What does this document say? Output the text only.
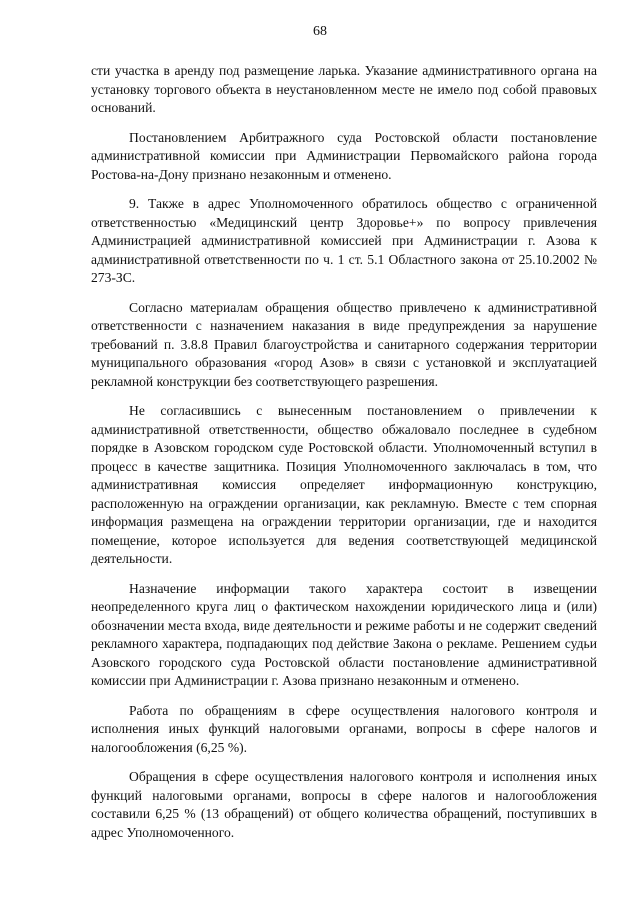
68

сти участка в аренду под размещение ларька. Указание административного органа на установку торгового объекта в неустановленном месте не имело под собой правовых оснований.

Постановлением Арбитражного суда Ростовской области постановление административной комиссии при Администрации Первомайского района города Ростова-на-Дону признано незаконным и отменено.

9. Также в адрес Уполномоченного обратилось общество с ограниченной ответственностью «Медицинский центр Здоровье+» по вопросу привлечения Администрацией административной комиссией при Администрации г. Азова к административной ответственности по ч. 1 ст. 5.1 Областного закона от 25.10.2002 № 273-ЗС.

Согласно материалам обращения общество привлечено к административной ответственности с назначением наказания в виде предупреждения за нарушение требований п. 3.8.8 Правил благоустройства и санитарного содержания территории муниципального образования «город Азов» в связи с установкой и эксплуатацией рекламной конструкции без соответствующего разрешения.

Не согласившись с вынесенным постановлением о привлечении к административной ответственности, общество обжаловало последнее в судебном порядке в Азовском городском суде Ростовской области. Уполномоченный вступил в процесс в качестве защитника. Позиция Уполномоченного заключалась в том, что административная комиссия определяет информационную конструкцию, расположенную на ограждении организации, как рекламную. Вместе с тем спорная информация размещена на ограждении территории организации, где и находится помещение, которое используется для ведения соответствующей медицинской деятельности.

Назначение информации такого характера состоит в извещении неопределенного круга лиц о фактическом нахождении юридического лица и (или) обозначении места входа, виде деятельности и режиме работы и не содержит сведений рекламного характера, подпадающих под действие Закона о рекламе. Решением судьи Азовского городского суда Ростовской области постановление административной комиссии при Администрации г. Азова признано незаконным и отменено.

Работа по обращениям в сфере осуществления налогового контроля и исполнения иных функций налоговыми органами, вопросы в сфере налогов и налогообложения (6,25 %).

Обращения в сфере осуществления налогового контроля и исполнения иных функций налоговыми органами, вопросы в сфере налогов и налогообложения составили 6,25 % (13 обращений) от общего количества обращений, поступивших в адрес Уполномоченного.
